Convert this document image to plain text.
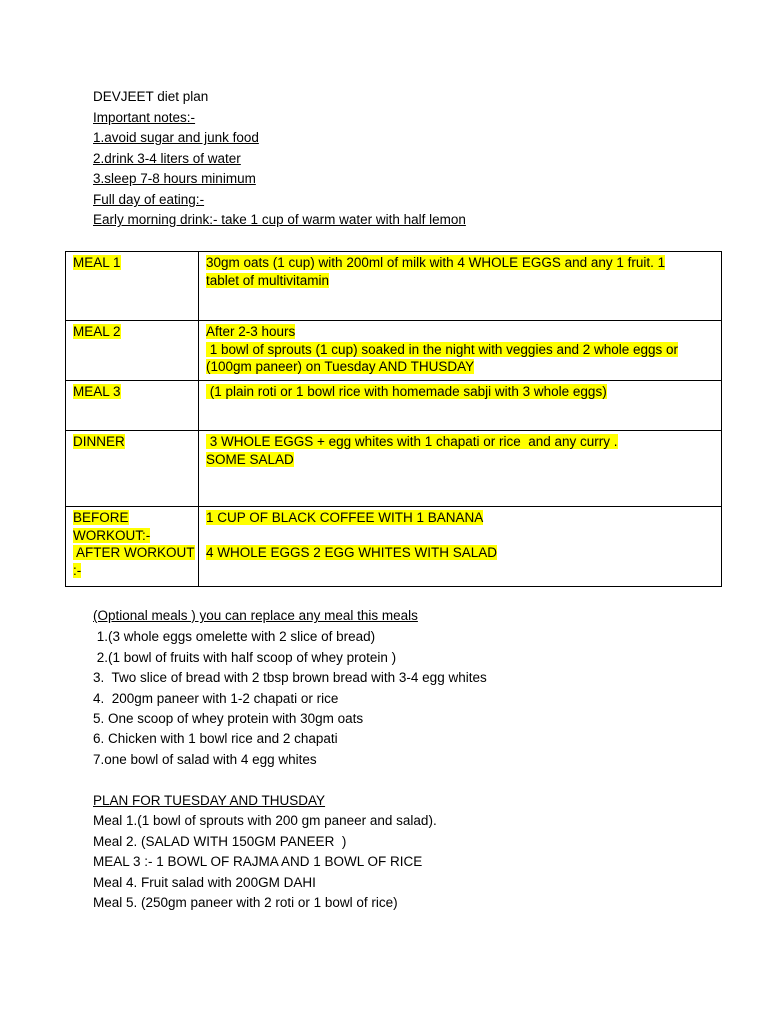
DEVJEET diet plan
Important notes:-
1.avoid sugar and junk food
2.drink 3-4 liters of water
3.sleep 7-8 hours minimum
Full day of eating:-
Early morning drink:- take 1 cup of warm water with half lemon
MEAL 1	30gm oats (1 cup) with 200ml of milk with 4 WHOLE EGGS and any 1 fruit. 1
tablet of multivitamin
MEAL 2	After 2-3 hours
1 bowl of sprouts (1 cup) soaked in the night with veggies and 2 whole eggs or
(100gm paneer) on Tuesday AND THUSDAY
MEAL 3	(1 plain roti or 1 bowl rice with homemade sabji with 3 whole eggs)
DINNER	3 WHOLE EGGS + egg whites with 1 chapati or rice  and any curry .
SOME SALAD
BEFORE
WORKOUT:-
AFTER WORKOUT
:-	1 CUP OF BLACK COFFEE WITH 1 BANANA
4 WHOLE EGGS 2 EGG WHITES WITH SALAD
(Optional meals ) you can replace any meal this meals
1.(3 whole eggs omelette with 2 slice of bread)
2.(1 bowl of fruits with half scoop of whey protein )
3.  Two slice of bread with 2 tbsp brown bread with 3-4 egg whites
4.  200gm paneer with 1-2 chapati or rice
5. One scoop of whey protein with 30gm oats
6. Chicken with 1 bowl rice and 2 chapati
7.one bowl of salad with 4 egg whites
PLAN FOR TUESDAY AND THUSDAY
Meal 1.(1 bowl of sprouts with 200 gm paneer and salad).
Meal 2. (SALAD WITH 150GM PANEER  )
MEAL 3 :- 1 BOWL OF RAJMA AND 1 BOWL OF RICE
Meal 4. Fruit salad with 200GM DAHI
Meal 5. (250gm paneer with 2 roti or 1 bowl of rice)
